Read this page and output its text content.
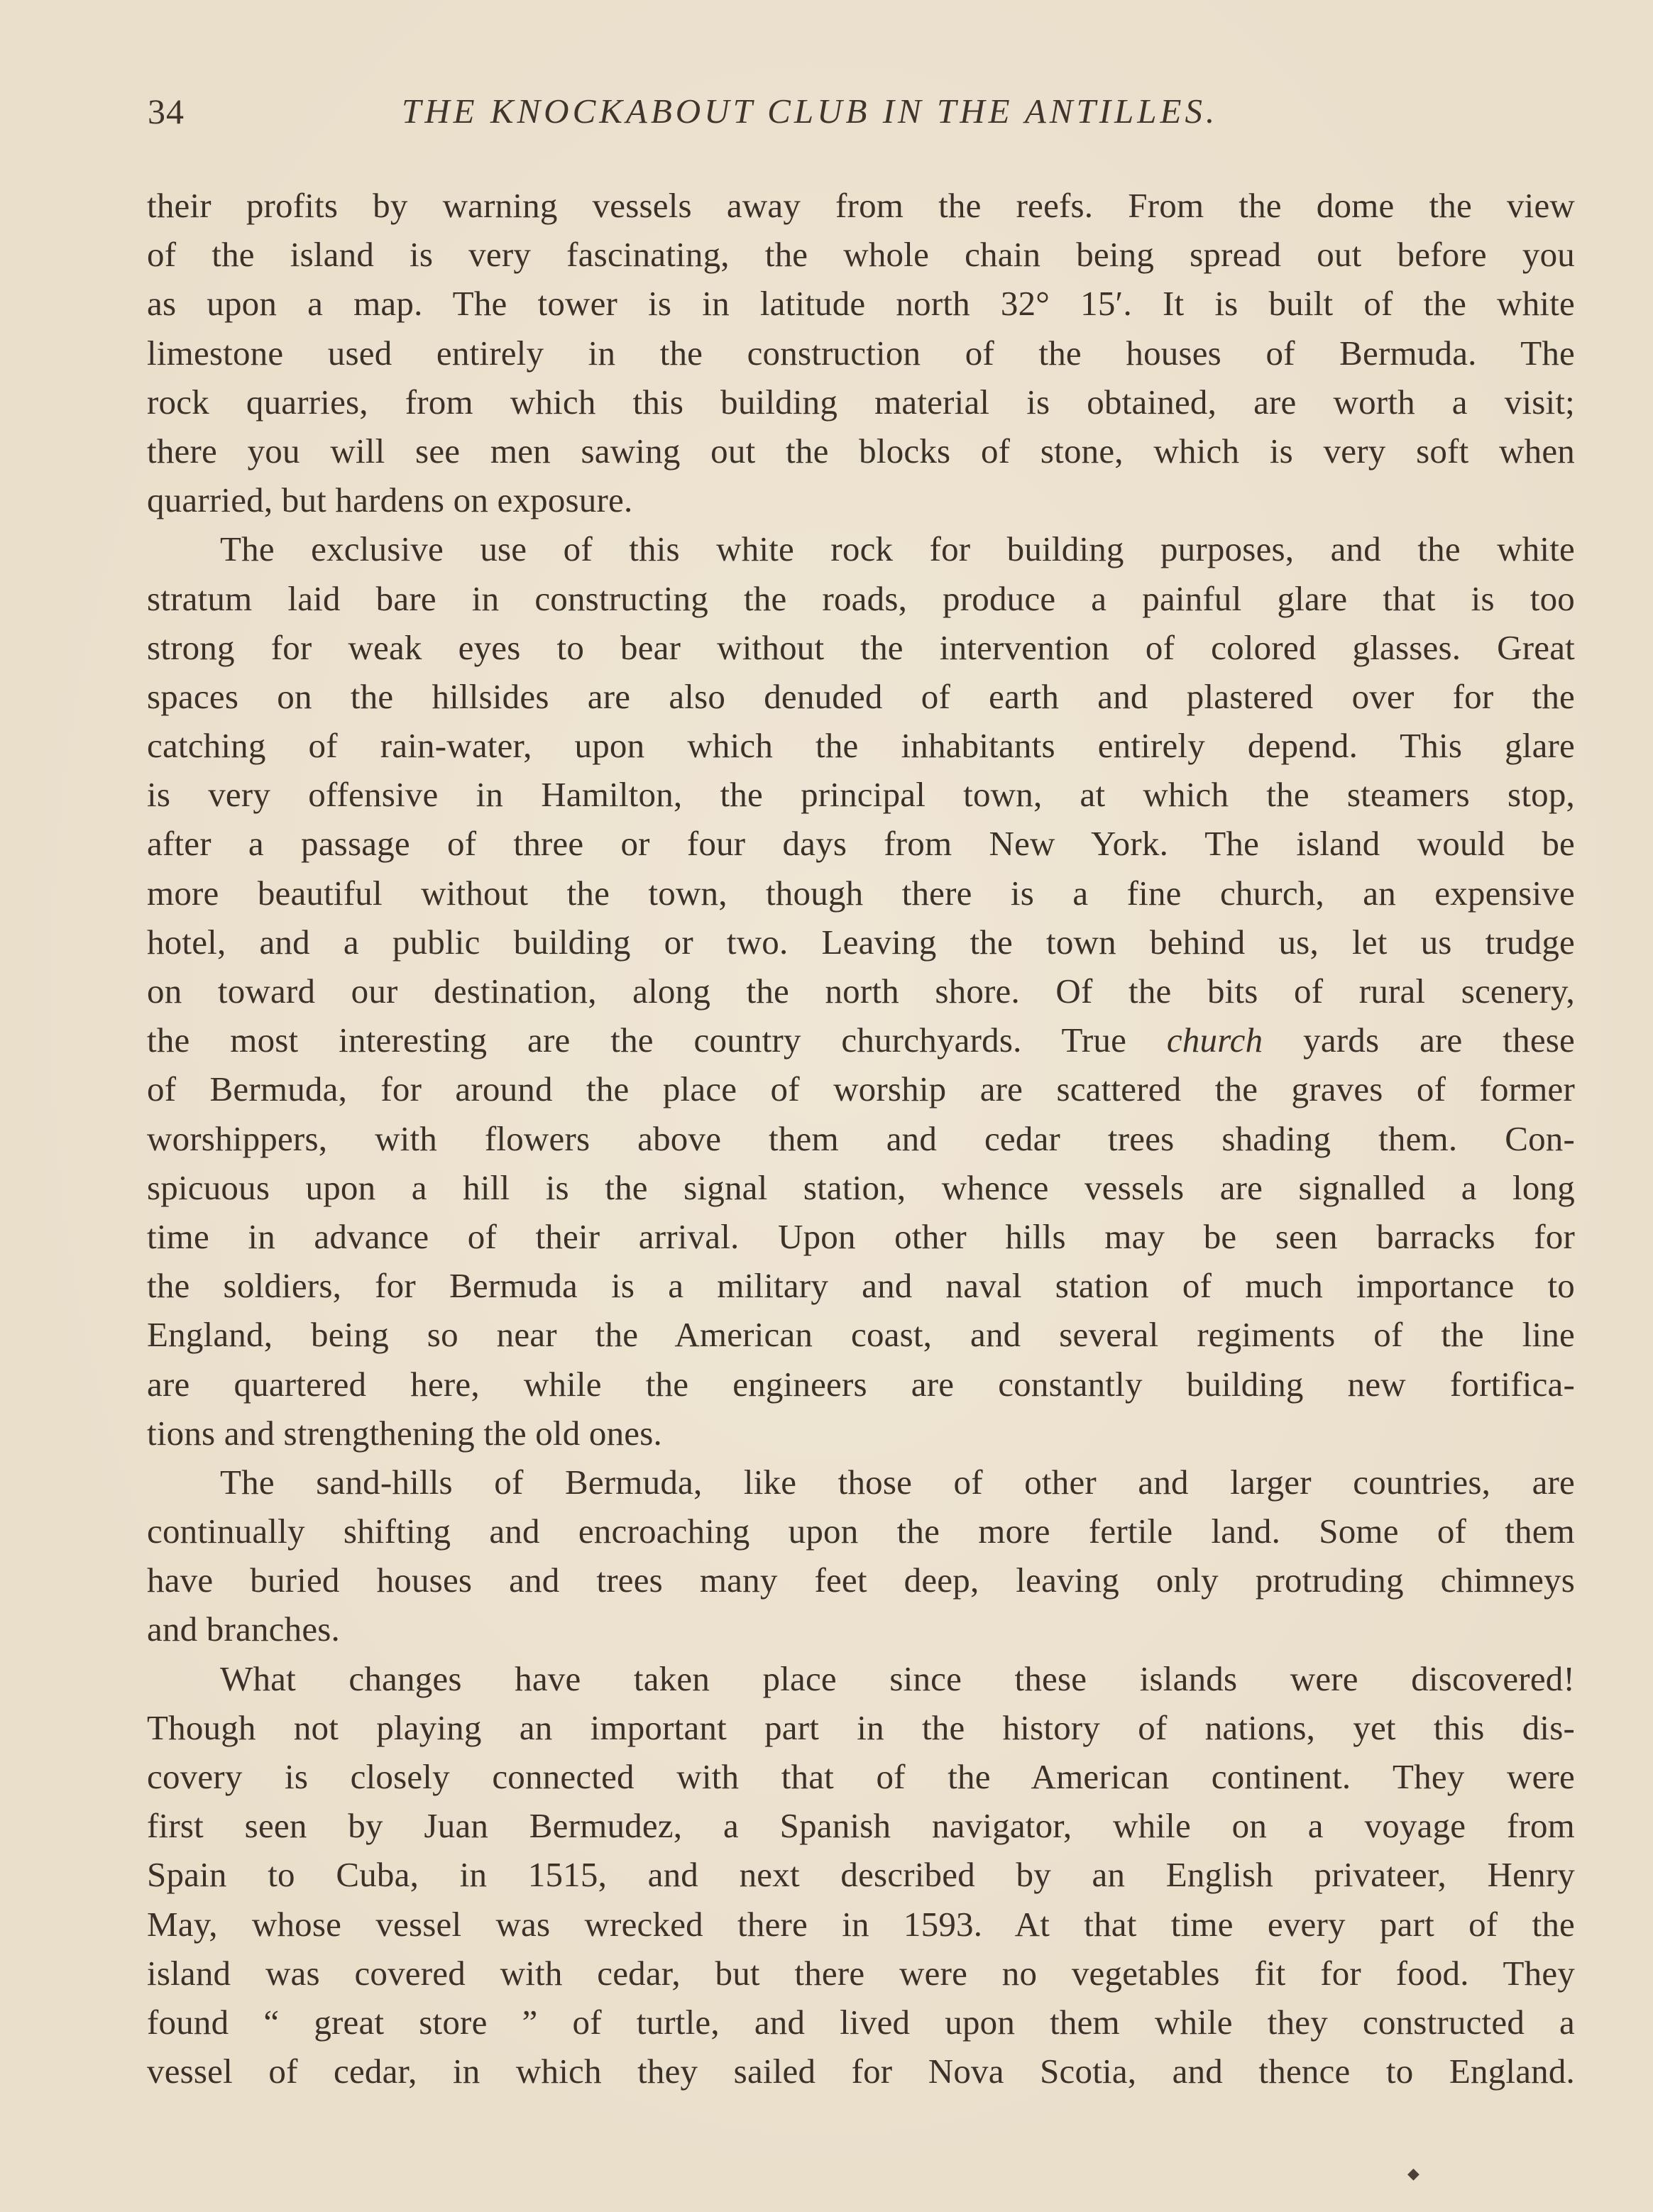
34	THE KNOCKABOUT CLUB IN THE ANTILLES.
their profits by warning vessels away from the reefs. From the dome the view
of the island is very fascinating, the whole chain being spread out before you
as upon a map. The tower is in latitude north 32° 15′. It is built of the white
limestone used entirely in the construction of the houses of Bermuda. The
rock quarries, from which this building material is obtained, are worth a visit;
there you will see men sawing out the blocks of stone, which is very soft when
quarried, but hardens on exposure.
The exclusive use of this white rock for building purposes, and the white
stratum laid bare in constructing the roads, produce a painful glare that is too
strong for weak eyes to bear without the intervention of colored glasses. Great
spaces on the hillsides are also denuded of earth and plastered over for the
catching of rain-water, upon which the inhabitants entirely depend. This glare
is very offensive in Hamilton, the principal town, at which the steamers stop,
after a passage of three or four days from New York. The island would be
more beautiful without the town, though there is a fine church, an expensive
hotel, and a public building or two. Leaving the town behind us, let us trudge
on toward our destination, along the north shore. Of the bits of rural scenery,
the most interesting are the country churchyards. True church yards are these
of Bermuda, for around the place of worship are scattered the graves of former
worshippers, with flowers above them and cedar trees shading them. Con-
spicuous upon a hill is the signal station, whence vessels are signalled a long
time in advance of their arrival. Upon other hills may be seen barracks for
the soldiers, for Bermuda is a military and naval station of much importance to
England, being so near the American coast, and several regiments of the line
are quartered here, while the engineers are constantly building new fortifica-
tions and strengthening the old ones.
The sand-hills of Bermuda, like those of other and larger countries, are
continually shifting and encroaching upon the more fertile land. Some of them
have buried houses and trees many feet deep, leaving only protruding chimneys
and branches.
What changes have taken place since these islands were discovered!
Though not playing an important part in the history of nations, yet this dis-
covery is closely connected with that of the American continent. They were
first seen by Juan Bermudez, a Spanish navigator, while on a voyage from
Spain to Cuba, in 1515, and next described by an English privateer, Henry
May, whose vessel was wrecked there in 1593. At that time every part of the
island was covered with cedar, but there were no vegetables fit for food. They
found “ great store ” of turtle, and lived upon them while they constructed a
vessel of cedar, in which they sailed for Nova Scotia, and thence to England.
◆
